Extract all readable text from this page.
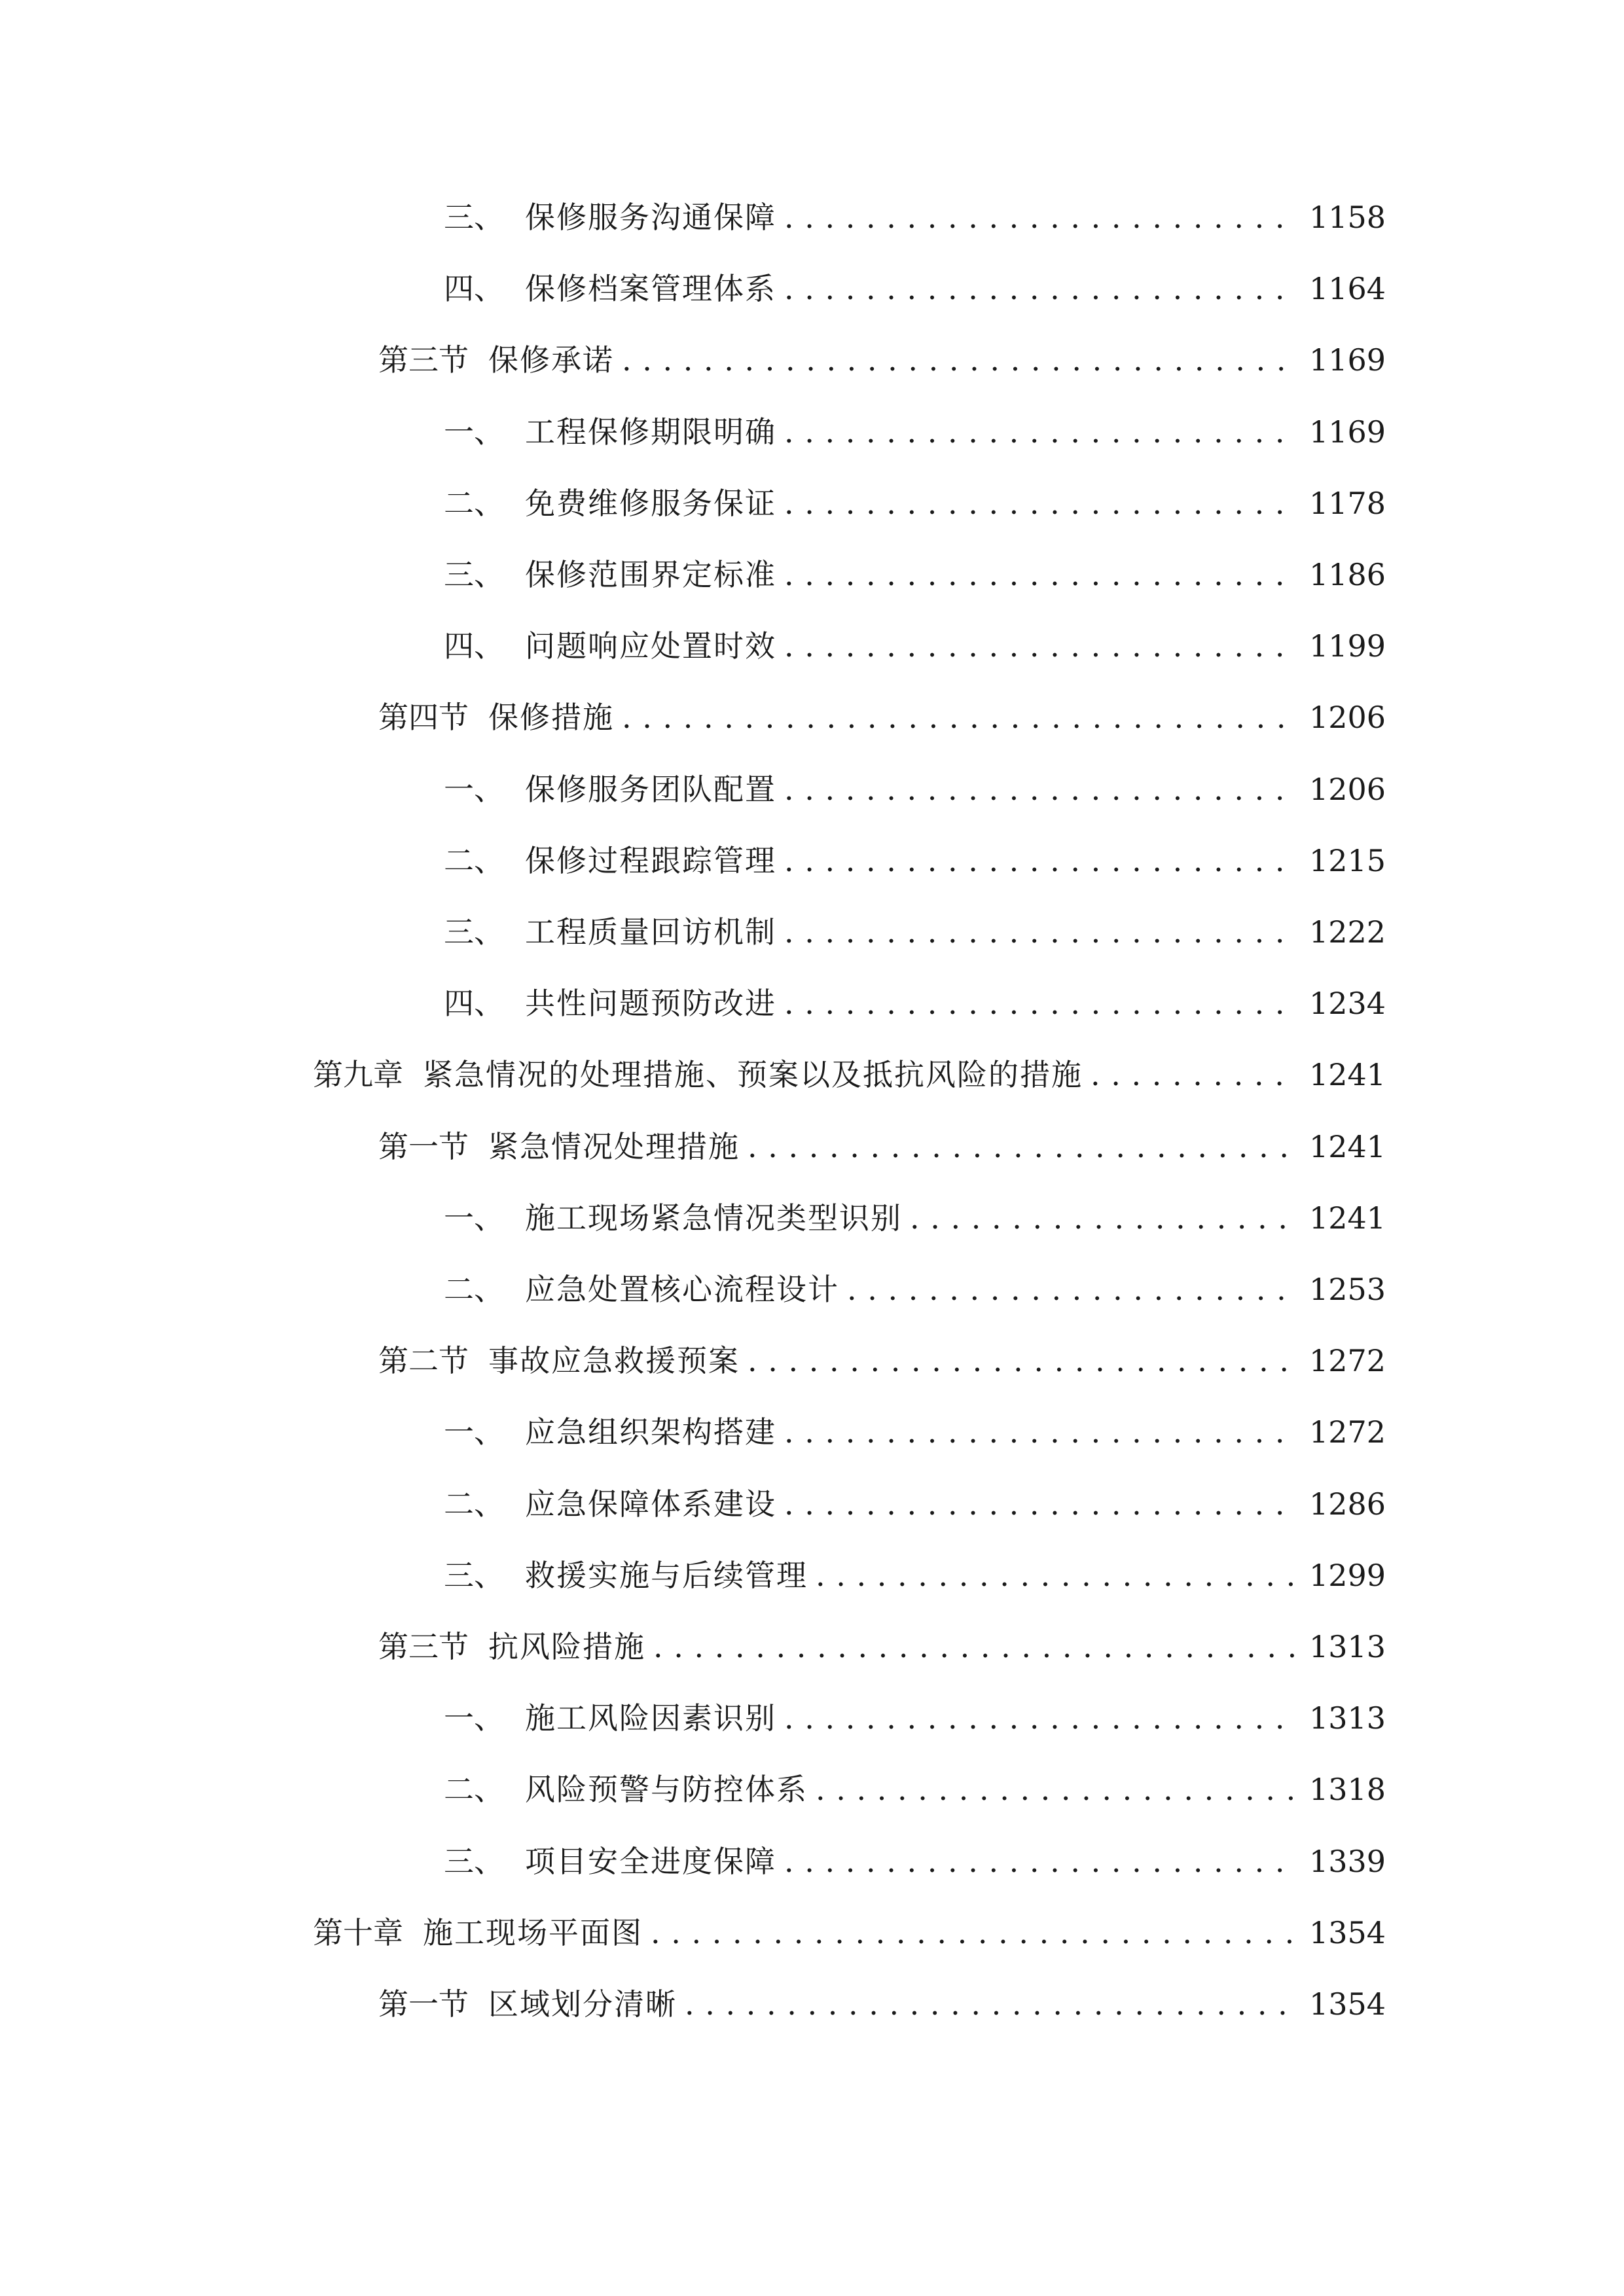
三、 保修服务沟通保障 . . .	1158
四、 保修档案管理体系 . . .	1164
第三节 保修承诺 . . .	1169
一、 工程保修期限明确 . . .	1169
二、 免费维修服务保证 . . .	1178
三、 保修范围界定标准 . . .	1186
四、 问题响应处置时效 . . .	1199
第四节 保修措施 . . .	1206
一、 保修服务团队配置 . . .	1206
二、 保修过程跟踪管理 . . .	1215
三、 工程质量回访机制 . . .	1222
四、 共性问题预防改进 . . .	1234
第九章 紧急情况的处理措施、预案以及抵抗风险的措施 . . .	1241
第一节 紧急情况处理措施 . . .	1241
一、 施工现场紧急情况类型识别 . . .	1241
二、 应急处置核心流程设计 . . .	1253
第二节 事故应急救援预案 . . .	1272
一、 应急组织架构搭建 . . .	1272
二、 应急保障体系建设 . . .	1286
三、 救援实施与后续管理 . . .	1299
第三节 抗风险措施 . . .	1313
一、 施工风险因素识别 . . .	1313
二、 风险预警与防控体系 . . .	1318
三、 项目安全进度保障 . . .	1339
第十章 施工现场平面图 . . .	1354
第一节 区域划分清晰 . . .	1354
